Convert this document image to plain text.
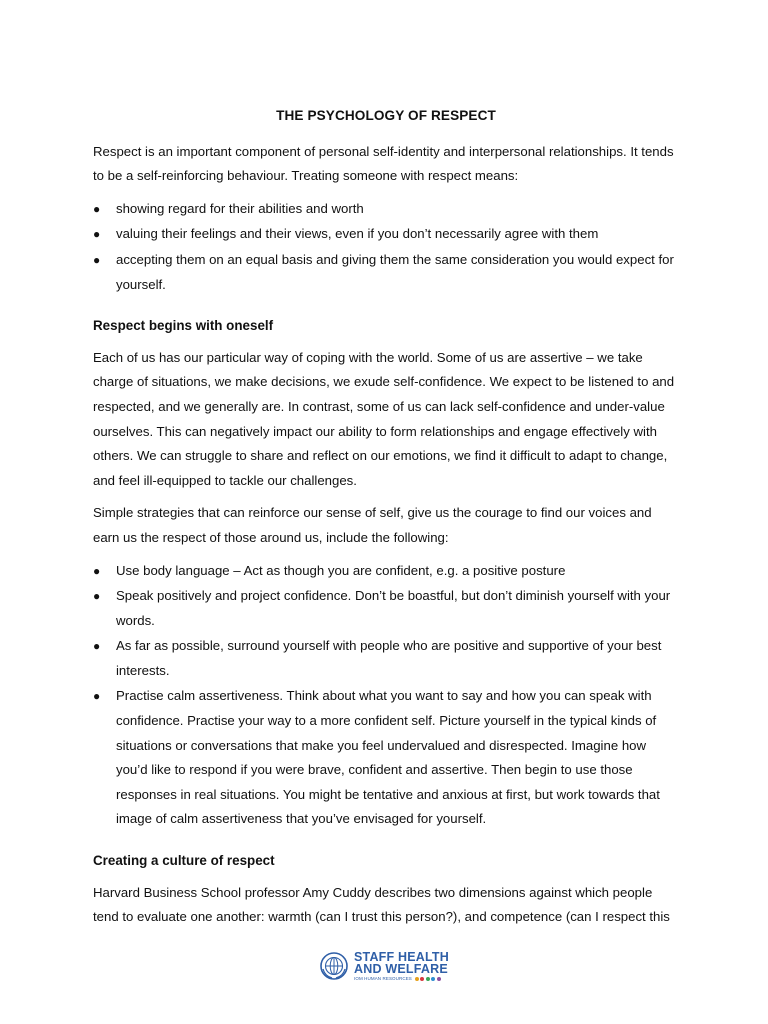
THE PSYCHOLOGY OF RESPECT

Respect is an important component of personal self-identity and interpersonal relationships. It tends to be a self-reinforcing behaviour. Treating someone with respect means:

● showing regard for their abilities and worth
● valuing their feelings and their views, even if you don’t necessarily agree with them
● accepting them on an equal basis and giving them the same consideration you would expect for yourself.
Respect begins with oneself

Each of us has our particular way of coping with the world. Some of us are assertive – we take charge of situations, we make decisions, we exude self-confidence. We expect to be listened to and respected, and we generally are. In contrast, some of us can lack self-confidence and under-value ourselves. This can negatively impact our ability to form relationships and engage effectively with others. We can struggle to share and reflect on our emotions, we find it difficult to adapt to change, and feel ill-equipped to tackle our challenges.

Simple strategies that can reinforce our sense of self, give us the courage to find our voices and earn us the respect of those around us, include the following:

● Use body language – Act as though you are confident, e.g. a positive posture
● Speak positively and project confidence. Don’t be boastful, but don’t diminish yourself with your words.
● As far as possible, surround yourself with people who are positive and supportive of your best interests.
● Practise calm assertiveness. Think about what you want to say and how you can speak with confidence. Practise your way to a more confident self. Picture yourself in the typical kinds of situations or conversations that make you feel undervalued and disrespected. Imagine how you’d like to respond if you were brave, confident and assertive. Then begin to use those responses in real situations. You might be tentative and anxious at first, but work towards that image of calm assertiveness that you’ve envisaged for yourself.
Creating a culture of respect

Harvard Business School professor Amy Cuddy describes two dimensions against which people tend to evaluate one another: warmth (can I trust this person?), and competence (can I respect this

STAFF HEALTH
AND WELFARE
IOM HUMAN RESOURCES
